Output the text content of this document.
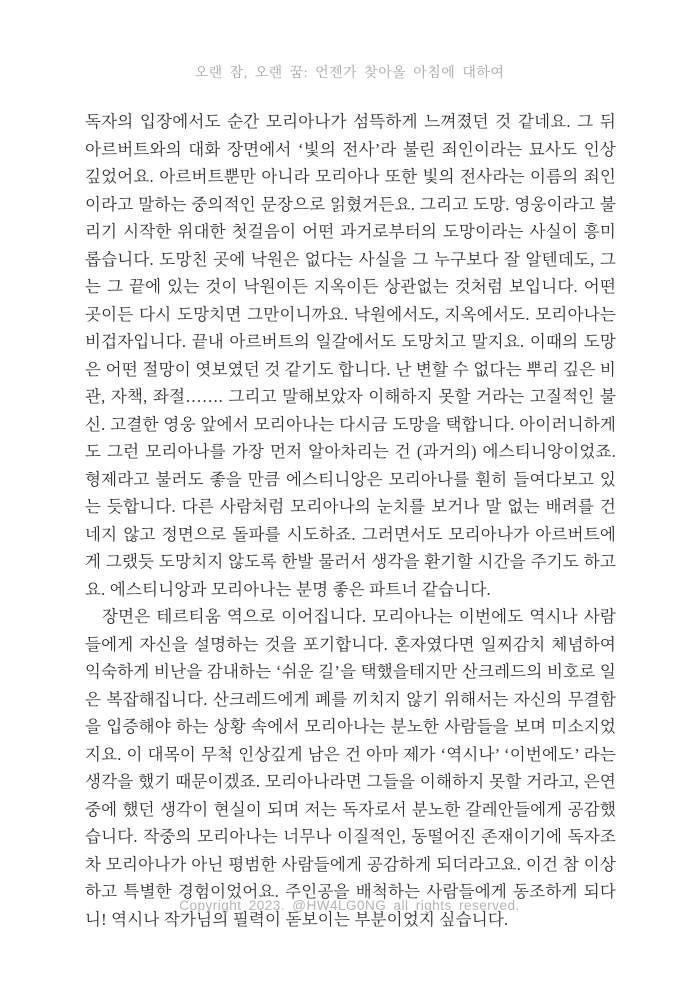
오랜 잠, 오랜 꿈: 언젠가 찾아올 아침에 대하여

독자의 입장에서도 순간 모리아나가 섬뜩하게 느껴졌던 것 같네요. 그 뒤 아르버트와의 대화 장면에서 ‘빛의 전사’라 불린 죄인이라는 묘사도 인상 깊었어요. 아르버트뿐만 아니라 모리아나 또한 빛의 전사라는 이름의 죄인이라고 말하는 중의적인 문장으로 읽혔거든요. 그리고 도망. 영웅이라고 불리기 시작한 위대한 첫걸음이 어떤 과거로부터의 도망이라는 사실이 흥미롭습니다. 도망친 곳에 낙원은 없다는 사실을 그 누구보다 잘 알텐데도, 그는 그 끝에 있는 것이 낙원이든 지옥이든 상관없는 것처럼 보입니다. 어떤 곳이든 다시 도망치면 그만이니까요. 낙원에서도, 지옥에서도. 모리아나는 비겁자입니다. 끝내 아르버트의 일갈에서도 도망치고 말지요. 이때의 도망은 어떤 절망이 엿보였던 것 같기도 합니다. 난 변할 수 없다는 뿌리 깊은 비관, 자책, 좌절……. 그리고 말해보았자 이해하지 못할 거라는 고질적인 불신. 고결한 영웅 앞에서 모리아나는 다시금 도망을 택합니다. 아이러니하게도 그런 모리아나를 가장 먼저 알아차리는 건 (과거의) 에스티니앙이었죠. 형제라고 불러도 좋을 만큼 에스티니앙은 모리아나를 훤히 들여다보고 있는 듯합니다. 다른 사람처럼 모리아나의 눈치를 보거나 말 없는 배려를 건네지 않고 정면으로 돌파를 시도하죠. 그러면서도 모리아나가 아르버트에게 그랬듯 도망치지 않도록 한발 물러서 생각을 환기할 시간을 주기도 하고요. 에스티니앙과 모리아나는 분명 좋은 파트너 같습니다.

장면은 테르티움 역으로 이어집니다. 모리아나는 이번에도 역시나 사람들에게 자신을 설명하는 것을 포기합니다. 혼자였다면 일찌감치 체념하여 익숙하게 비난을 감내하는 ‘쉬운 길’을 택했을테지만 산크레드의 비호로 일은 복잡해집니다. 산크레드에게 폐를 끼치지 않기 위해서는 자신의 무결함을 입증해야 하는 상황 속에서 모리아나는 분노한 사람들을 보며 미소지었지요. 이 대목이 무척 인상깊게 남은 건 아마 제가 ‘역시나’ ‘이번에도’ 라는 생각을 했기 때문이겠죠. 모리아나라면 그들을 이해하지 못할 거라고, 은연중에 했던 생각이 현실이 되며 저는 독자로서 분노한 갈레안들에게 공감했습니다. 작중의 모리아나는 너무나 이질적인, 동떨어진 존재이기에 독자조차 모리아나가 아닌 평범한 사람들에게 공감하게 되더라고요. 이건 참 이상하고 특별한 경험이었어요. 주인공을 배척하는 사람들에게 동조하게 되다니! 역시나 작가님의 필력이 돋보이는 부분이었지 싶습니다.

Copyright 2023. @HW4LG0NG all rights reserved.
